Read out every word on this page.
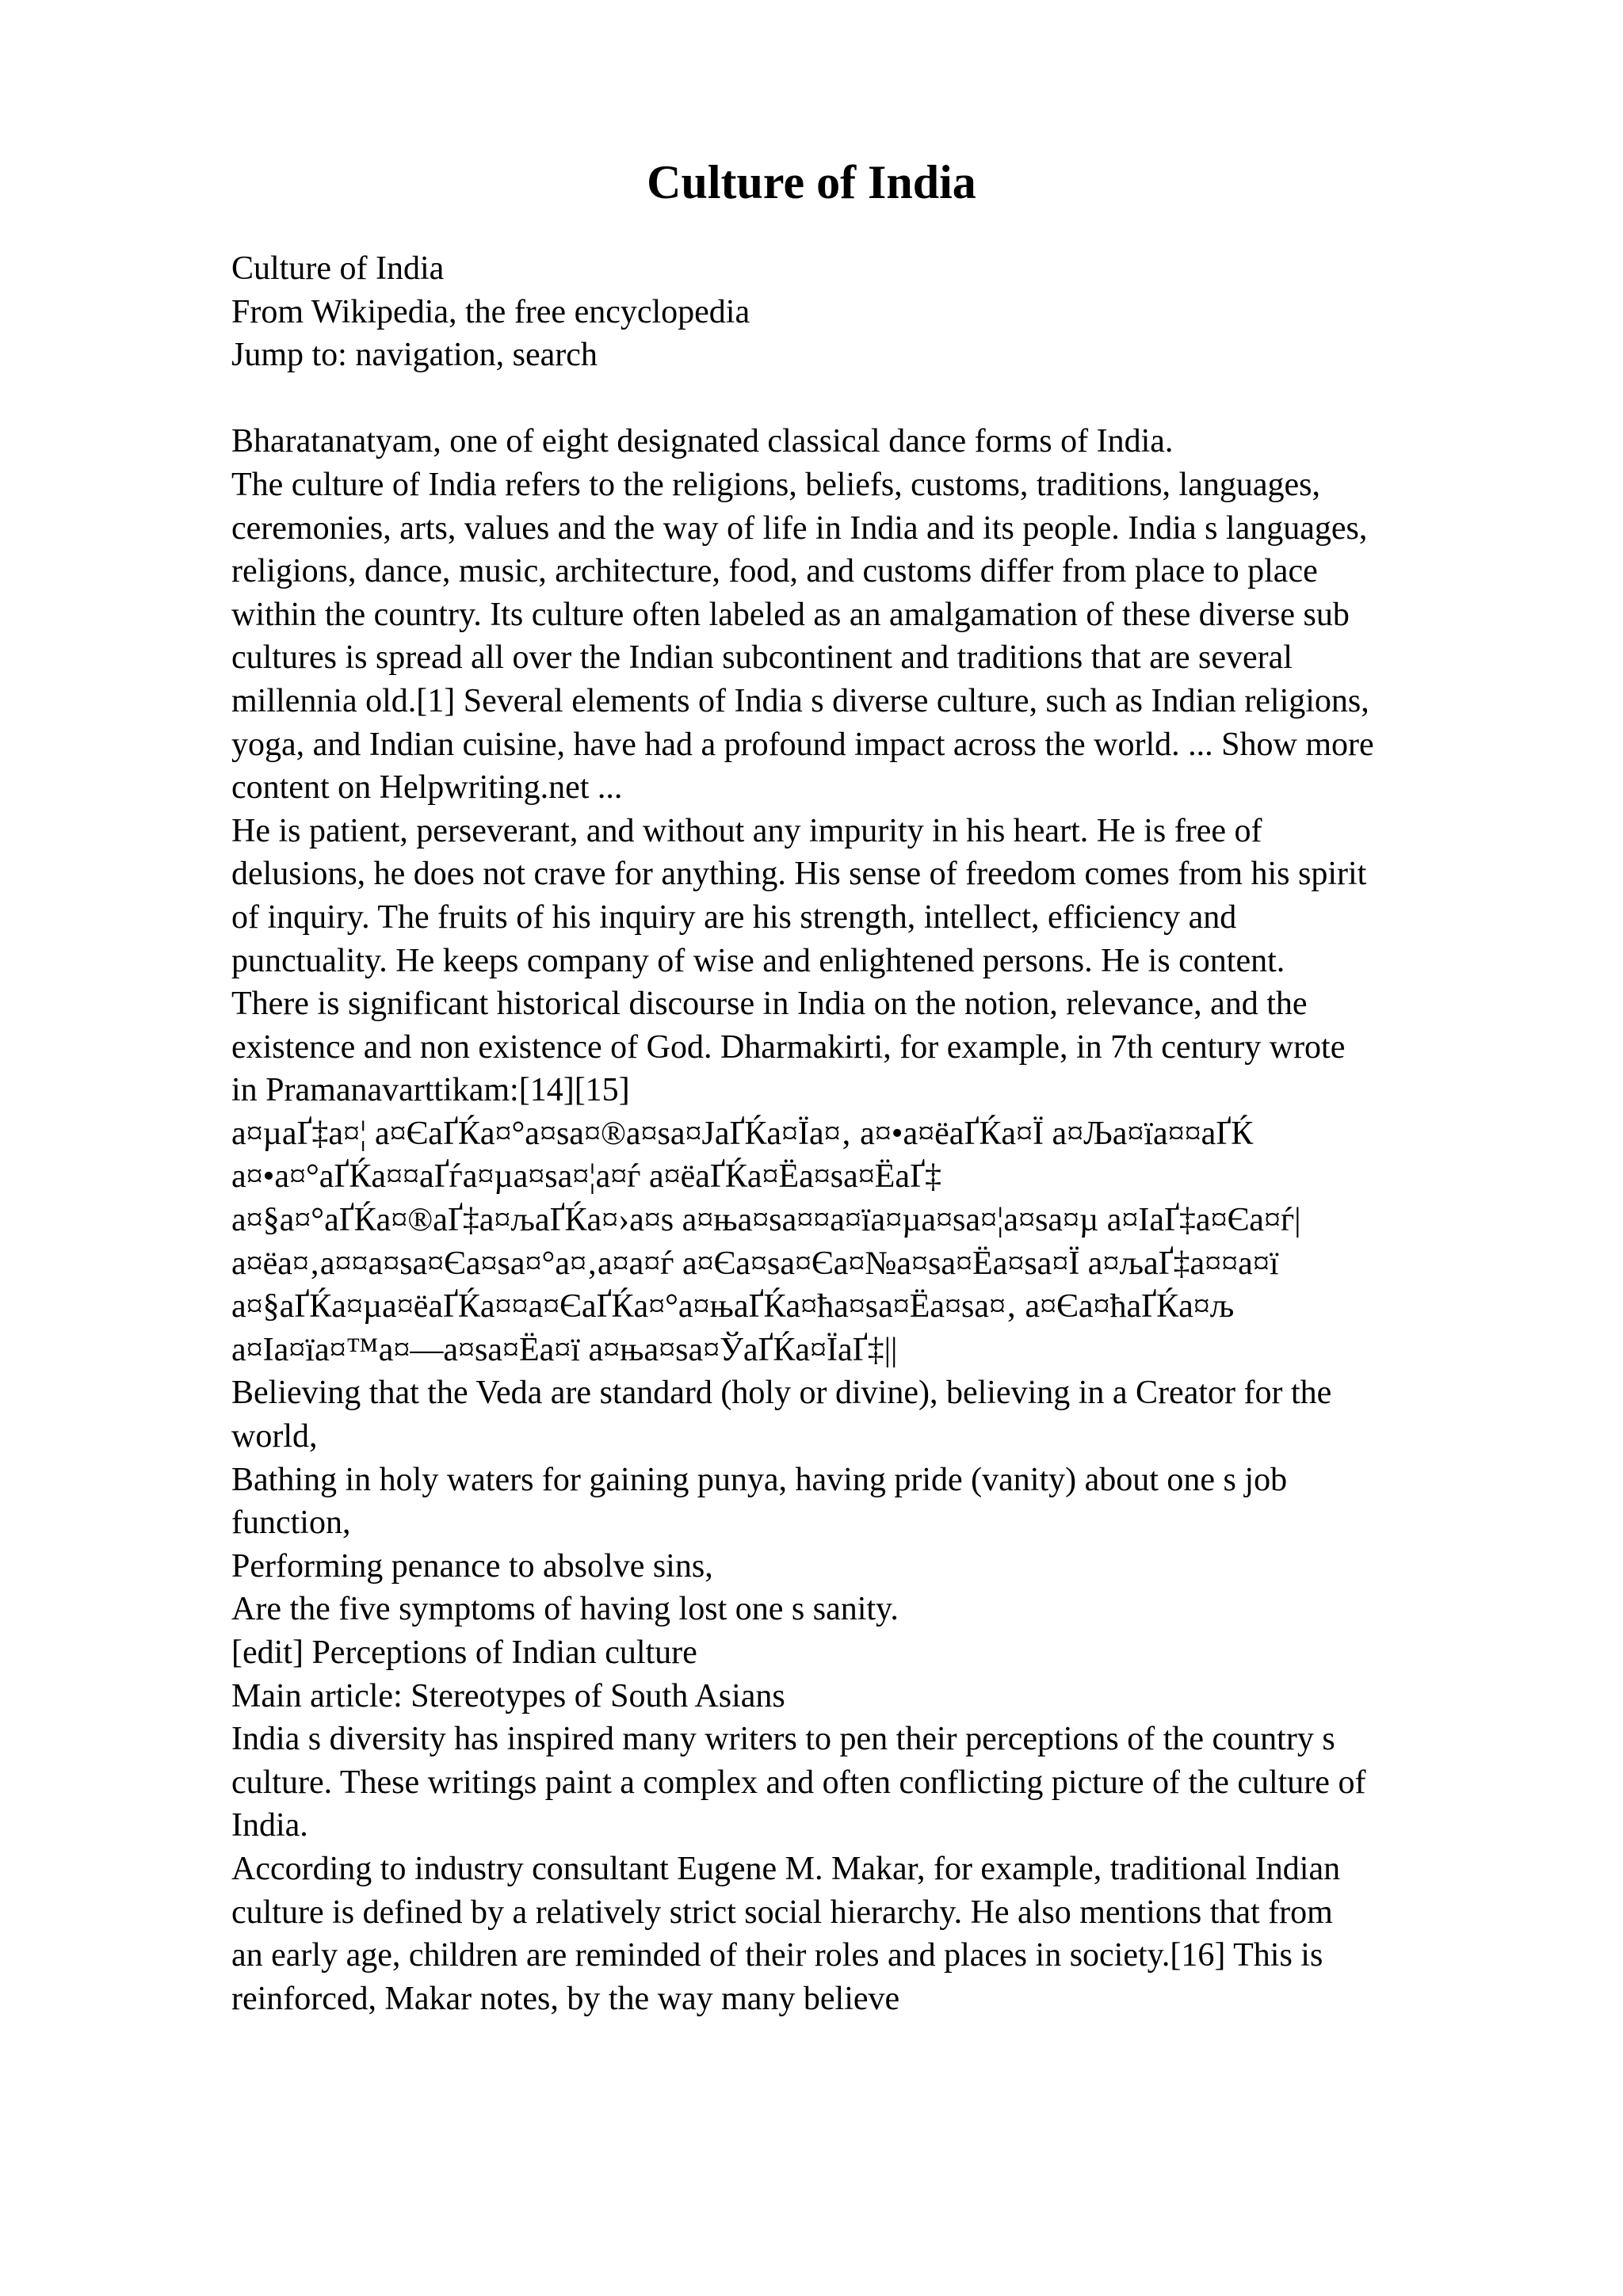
Culture of India
Culture of India
From Wikipedia, the free encyclopedia
Jump to: navigation, search
Bharatanatyam, one of eight designated classical dance forms of India.
The culture of India refers to the religions, beliefs, customs, traditions, languages,
ceremonies, arts, values and the way of life in India and its people. India s languages,
religions, dance, music, architecture, food, and customs differ from place to place
within the country. Its culture often labeled as an amalgamation of these diverse sub
cultures is spread all over the Indian subcontinent and traditions that are several
millennia old.[1] Several elements of India s diverse culture, such as Indian religions,
yoga, and Indian cuisine, have had a profound impact across the world. ... Show more
content on Helpwriting.net ...
He is patient, perseverant, and without any impurity in his heart. He is free of
delusions, he does not crave for anything. His sense of freedom comes from his spirit
of inquiry. The fruits of his inquiry are his strength, intellect, efficiency and
punctuality. He keeps company of wise and enlightened persons. He is content.
There is significant historical discourse in India on the notion, relevance, and the
existence and non existence of God. Dharmakirti, for example, in 7th century wrote
in Pramanavarttikam:[14][15]
а¤µаҐ‡а¤¦ а¤ЄаҐЌа¤°а¤ѕа¤®а¤ѕа¤JаҐЌа¤Їа¤‚ а¤•а¤ёаҐЌа¤Ї а¤Ља¤їа¤¤аҐЌ
а¤•а¤°аҐЌа¤¤аҐѓа¤µа¤ѕа¤¦а¤ѓ а¤ёаҐЌа¤Ёа¤ѕа¤ЁаҐ‡
а¤§а¤°аҐЌа¤®аҐ‡а¤љаҐЌа¤›а¤ѕ а¤ња¤ѕа¤¤а¤їа¤µа¤ѕа¤¦а¤ѕа¤µ а¤ІаҐ‡а¤Єа¤ѓ|
а¤ёа¤‚а¤¤а¤ѕа¤Єа¤ѕа¤°а¤‚а¤а¤ѓ а¤Єа¤ѕа¤Єа¤№а¤ѕа¤Ёа¤ѕа¤Ї а¤љаҐ‡а¤¤а¤ї
а¤§аҐЌа¤µа¤ёаҐЌа¤¤а¤ЄаҐЌа¤°а¤њаҐЌа¤ћа¤ѕа¤Ёа¤ѕа¤‚ а¤Єа¤ћаҐЌа¤љ
а¤Іа¤їа¤™а¤—а¤ѕа¤Ёа¤ї а¤ња¤ѕа¤ЎаҐЌа¤ЇаҐ‡||
Believing that the Veda are standard (holy or divine), believing in a Creator for the
world,
Bathing in holy waters for gaining punya, having pride (vanity) about one s job
function,
Performing penance to absolve sins,
Are the five symptoms of having lost one s sanity.
[edit] Perceptions of Indian culture
Main article: Stereotypes of South Asians
India s diversity has inspired many writers to pen their perceptions of the country s
culture. These writings paint a complex and often conflicting picture of the culture of
India.
According to industry consultant Eugene M. Makar, for example, traditional Indian
culture is defined by a relatively strict social hierarchy. He also mentions that from
an early age, children are reminded of their roles and places in society.[16] This is
reinforced, Makar notes, by the way many believe
